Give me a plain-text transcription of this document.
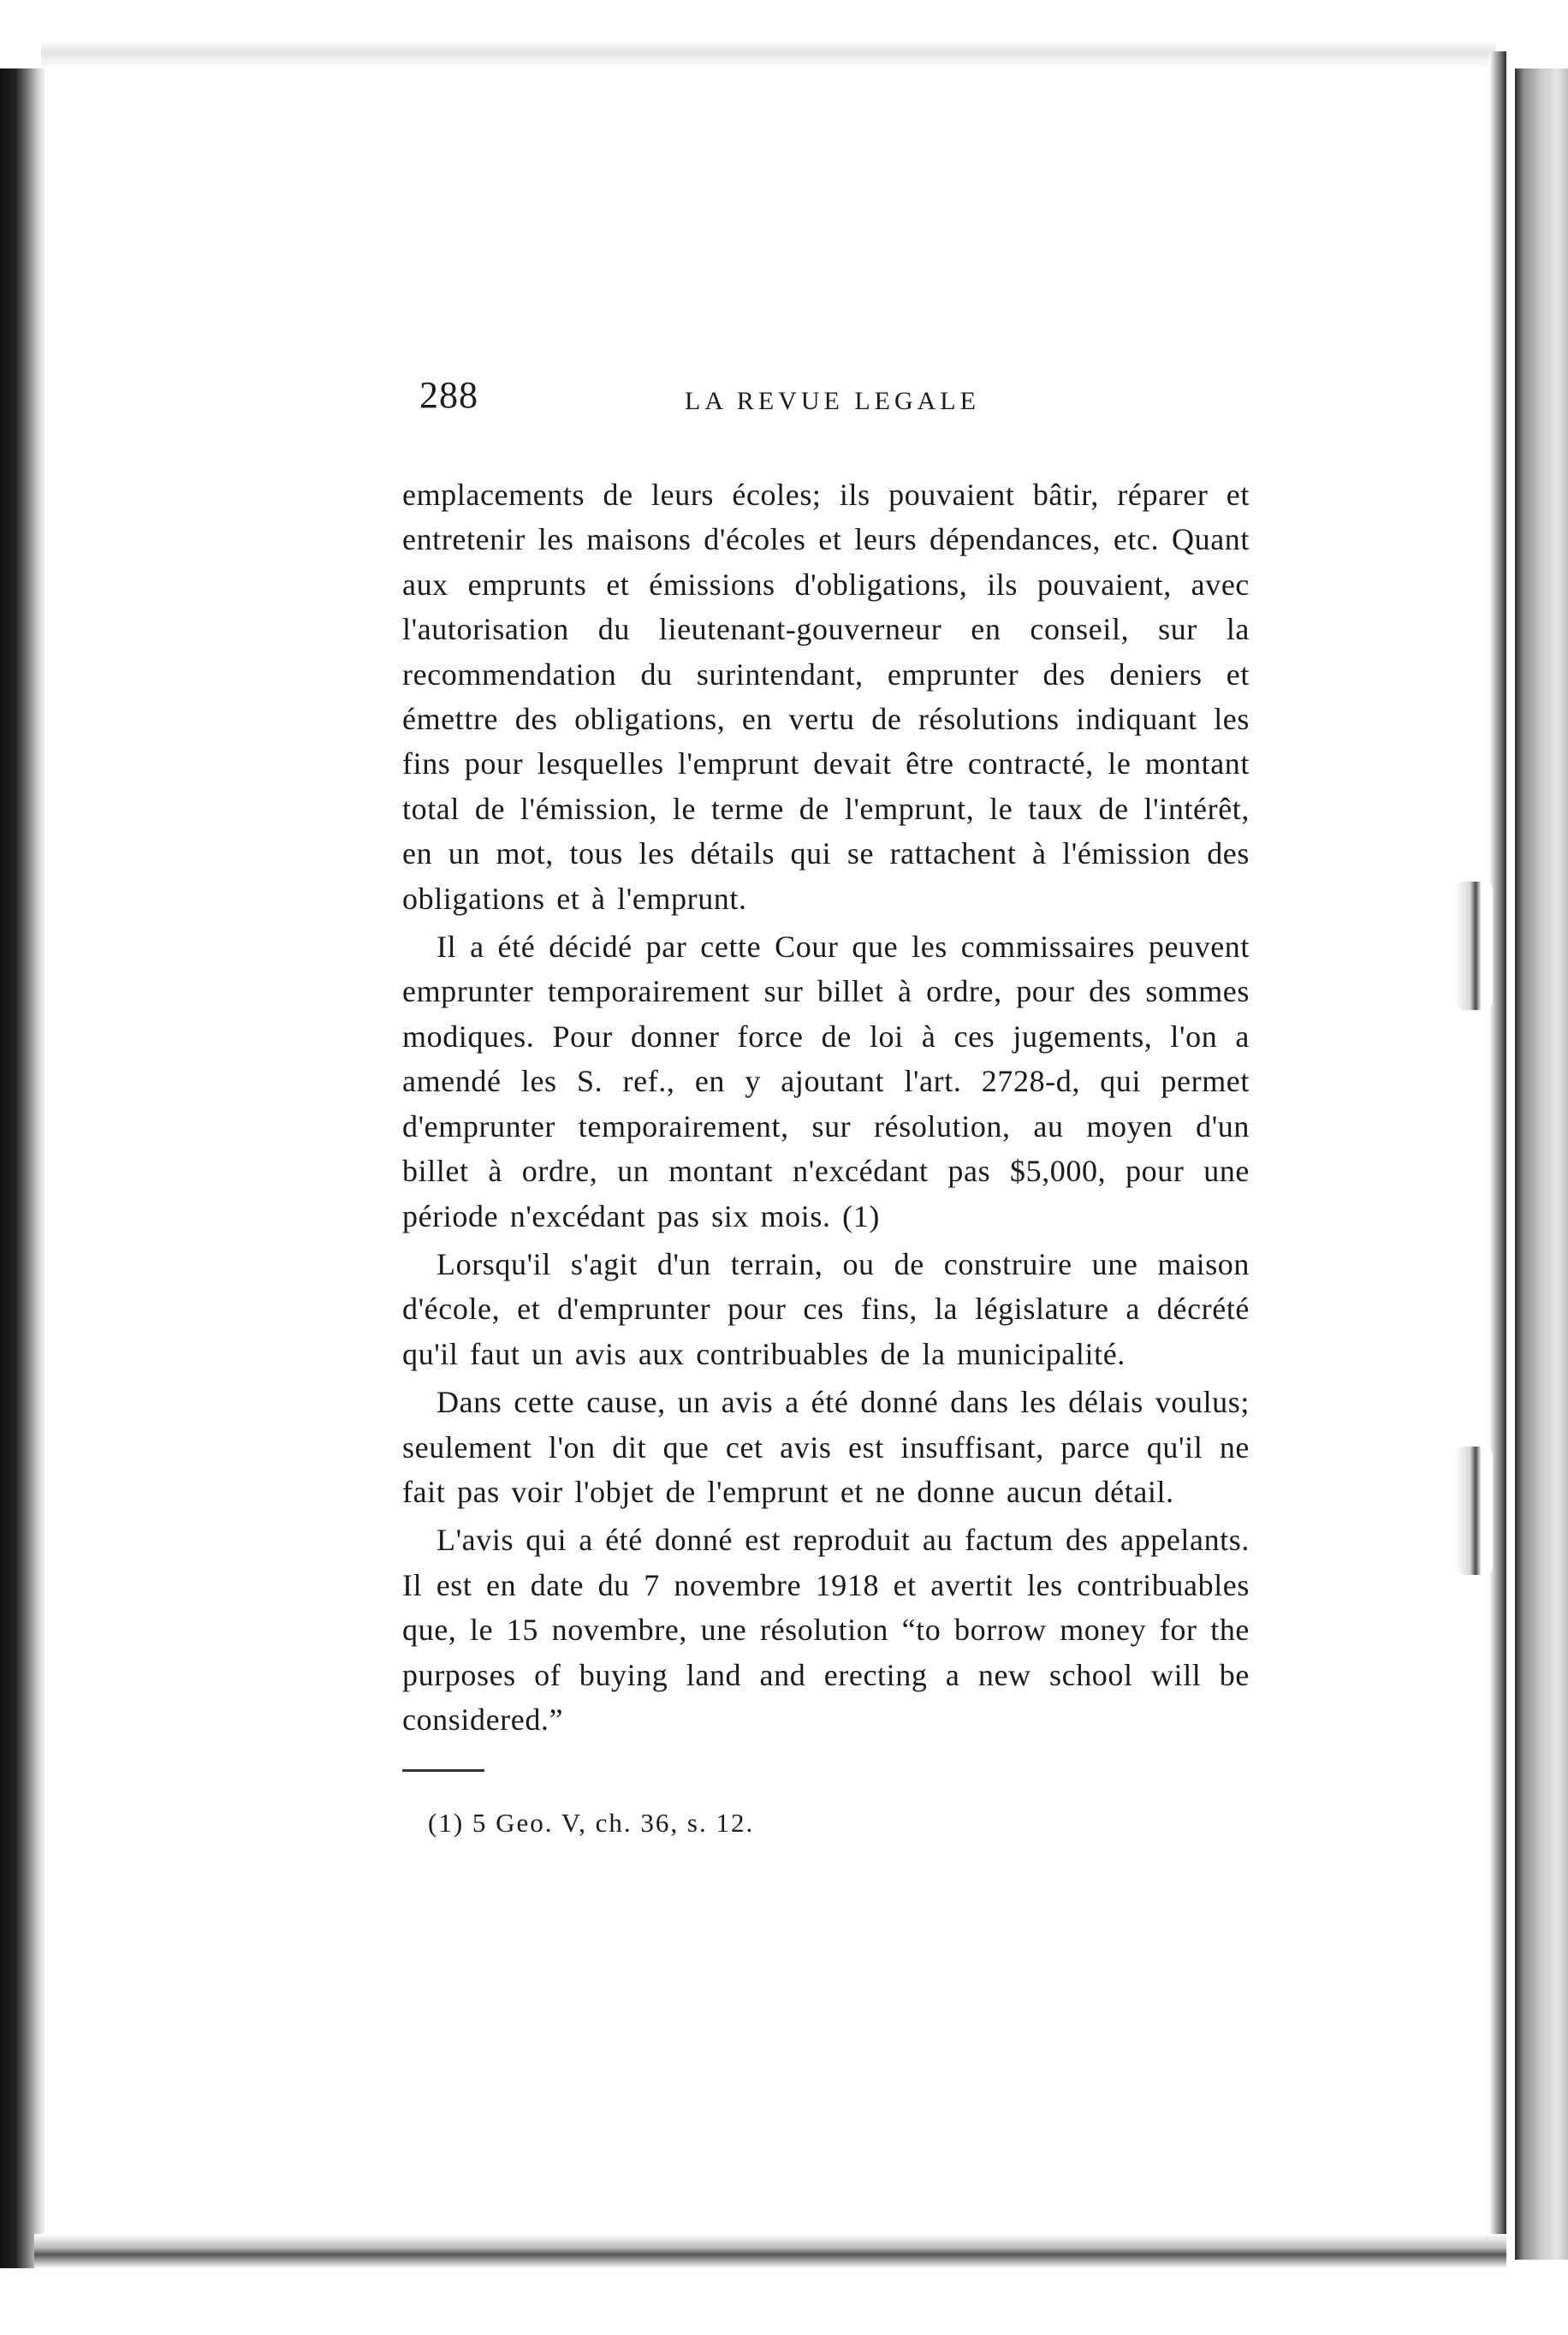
288	LA REVUE LEGALE

emplacements de leurs écoles; ils pouvaient bâtir, réparer et entretenir les maisons d'écoles et leurs dépendances, etc. Quant aux emprunts et émissions d'obligations, ils pouvaient, avec l'autorisation du lieutenant-gouverneur en conseil, sur la recommendation du surintendant, emprunter des deniers et émettre des obligations, en vertu de résolutions indiquant les fins pour lesquelles l'emprunt devait être contracté, le montant total de l'émission, le terme de l'emprunt, le taux de l'intérêt, en un mot, tous les détails qui se rattachent à l'émission des obligations et à l'emprunt.

Il a été décidé par cette Cour que les commissaires peuvent emprunter temporairement sur billet à ordre, pour des sommes modiques. Pour donner force de loi à ces jugements, l'on a amendé les S. ref., en y ajoutant l'art. 2728-d, qui permet d'emprunter temporairement, sur résolution, au moyen d'un billet à ordre, un montant n'excédant pas $5,000, pour une période n'excédant pas six mois. (1)

Lorsqu'il s'agit d'un terrain, ou de construire une maison d'école, et d'emprunter pour ces fins, la législature a décrété qu'il faut un avis aux contribuables de la municipalité.

Dans cette cause, un avis a été donné dans les délais voulus; seulement l'on dit que cet avis est insuffisant, parce qu'il ne fait pas voir l'objet de l'emprunt et ne donne aucun détail.

L'avis qui a été donné est reproduit au factum des appelants. Il est en date du 7 novembre 1918 et avertit les contribuables que, le 15 novembre, une résolution “to borrow money for the purposes of buying land and erecting a new school will be considered.”

(1) 5 Geo. V, ch. 36, s. 12.
